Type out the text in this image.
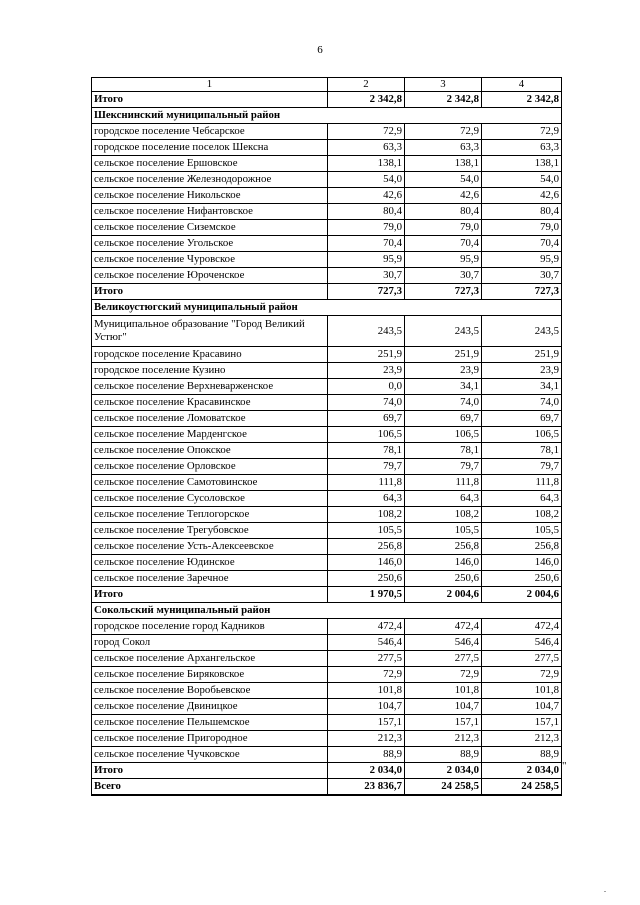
6
1	2	3	4
Итого	2 342,8	2 342,8	2 342,8
Шекснинский муниципальный район			
городское поселение Чебсарское	72,9	72,9	72,9
городское поселение поселок Шексна	63,3	63,3	63,3
сельское поселение Ершовское	138,1	138,1	138,1
сельское поселение Железнодорожное	54,0	54,0	54,0
сельское поселение Никольское	42,6	42,6	42,6
сельское поселение Нифантовское	80,4	80,4	80,4
сельское поселение Сиземское	79,0	79,0	79,0
сельское поселение Угольское	70,4	70,4	70,4
сельское поселение Чуровское	95,9	95,9	95,9
сельское поселение Юроченское	30,7	30,7	30,7
Итого	727,3	727,3	727,3
Великоустюгский муниципальный район			
Муниципальное образование "Город Великий Устюг"	243,5	243,5	243,5
городское поселение Красавино	251,9	251,9	251,9
городское поселение Кузино	23,9	23,9	23,9
сельское поселение Верхневарженское	0,0	34,1	34,1
сельское поселение Красавинское	74,0	74,0	74,0
сельское поселение Ломоватское	69,7	69,7	69,7
сельское поселение Марденгское	106,5	106,5	106,5
сельское поселение Опокское	78,1	78,1	78,1
сельское поселение Орловское	79,7	79,7	79,7
сельское поселение Самотовинское	111,8	111,8	111,8
сельское поселение Сусоловское	64,3	64,3	64,3
сельское поселение Теплогорское	108,2	108,2	108,2
сельское поселение Трегубовское	105,5	105,5	105,5
сельское поселение Усть-Алексеевское	256,8	256,8	256,8
сельское поселение Юдинское	146,0	146,0	146,0
сельское поселение Заречное	250,6	250,6	250,6
Итого	1 970,5	2 004,6	2 004,6
Сокольский муниципальный район			
городское поселение город Кадников	472,4	472,4	472,4
город Сокол	546,4	546,4	546,4
сельское поселение Архангельское	277,5	277,5	277,5
сельское поселение Биряковское	72,9	72,9	72,9
сельское поселение Воробьевское	101,8	101,8	101,8
сельское поселение Двиницкое	104,7	104,7	104,7
сельское поселение Пельшемское	157,1	157,1	157,1
сельское поселение Пригородное	212,3	212,3	212,3
сельское поселение Чучковское	88,9	88,9	88,9
Итого	2 034,0	2 034,0	2 034,0
Всего	23 836,7	24 258,5	24 258,5
"
.
